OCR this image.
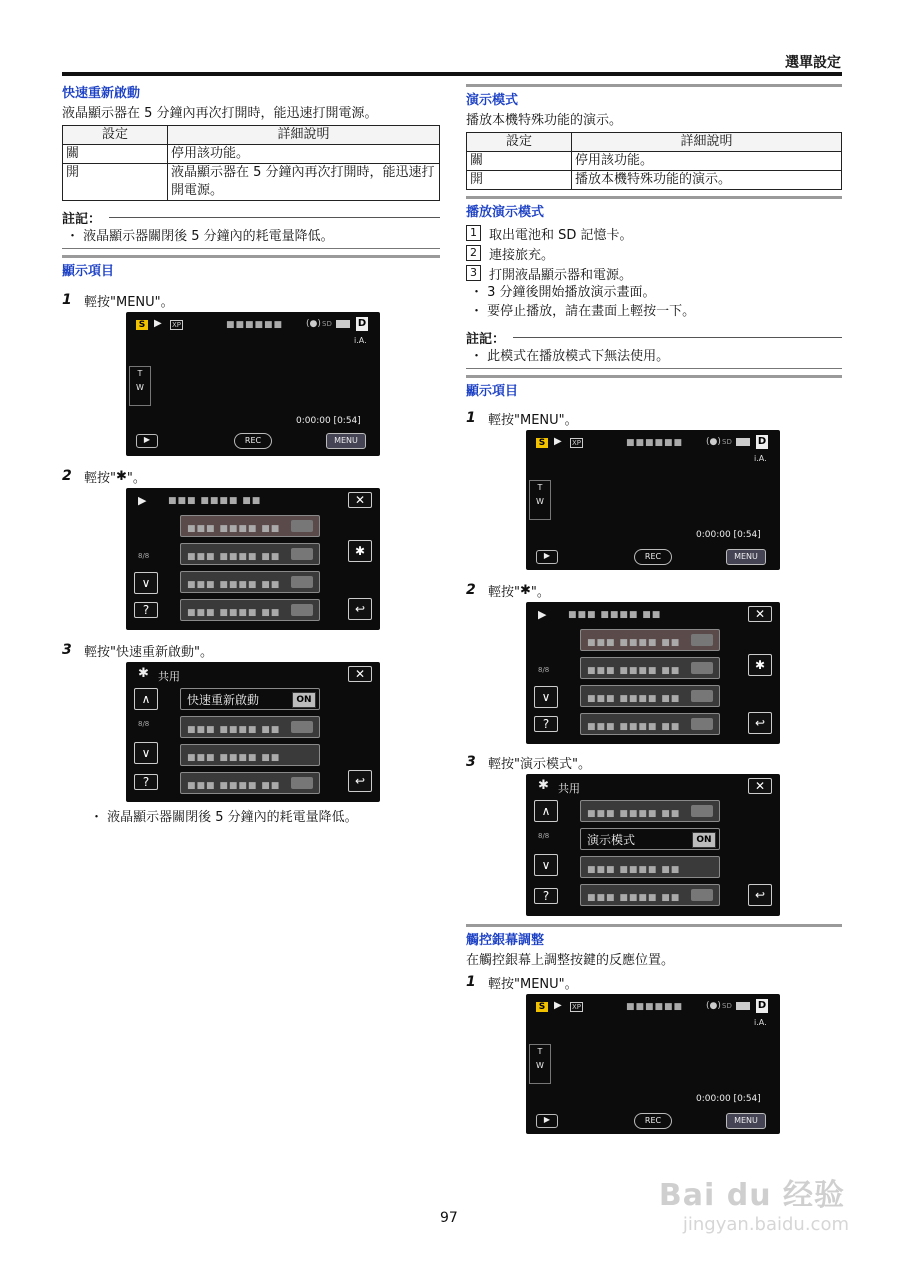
選單設定
快速重新啟動
液晶顯示器在 5 分鐘內再次打開時，能迅速打開電源。
設定	詳細說明
關	停用該功能。
開	液晶顯示器在 5 分鐘內再次打開時，能迅速打開電源。
註記：
・ 液晶顯示器關閉後 5 分鐘內的耗電量降低。
顯示項目
1 輕按"MENU"。
S ▶ XP	■■■■■■	(●) SD	D
i.A.
T
W
0:00:00 [0:54]
▶	REC	MENU
2 輕按" ✱ "。
▶ ■■■ ■■■■ ■■	✕
■■■ ■■■■ ■■
■■■ ■■■■ ■■
■■■ ■■■■ ■■
■■■ ■■■■ ■■
8/8
∨
?
✱
↩
3 輕按"快速重新啟動"。
✱ 共用	✕
快速重新啟動	ON
■■■ ■■■■ ■■
■■■ ■■■■ ■■
■■■ ■■■■ ■■
∧
8/8
∨
?	↩
・ 液晶顯示器關閉後 5 分鐘內的耗電量降低。
演示模式
播放本機特殊功能的演示。
設定	詳細說明
關	停用該功能。
開	播放本機特殊功能的演示。
播放演示模式
1 取出電池和 SD 記憶卡。
2 連接旅充。
3 打開液晶顯示器和電源。
・ 3 分鐘後開始播放演示畫面。
・ 要停止播放，請在畫面上輕按一下。
註記：
・ 此模式在播放模式下無法使用。
顯示項目
1 輕按"MENU"。
S ▶ XP	■■■■■■	(●) SD	D
i.A.
T
W
0:00:00 [0:54]
▶	REC	MENU
2 輕按" ✱ "。
▶ ■■■ ■■■■ ■■	✕
■■■ ■■■■ ■■
■■■ ■■■■ ■■
■■■ ■■■■ ■■
■■■ ■■■■ ■■
8/8
∨
?
✱
↩
3 輕按"演示模式"。
✱ 共用	✕
■■■ ■■■■ ■■
演示模式	ON
■■■ ■■■■ ■■
■■■ ■■■■ ■■
∧
8/8
∨
?	↩
觸控銀幕調整
在觸控銀幕上調整按鍵的反應位置。
1 輕按"MENU"。
S ▶ XP	■■■■■■	(●) SD	D
i.A.
T
W
0:00:00 [0:54]
▶	REC	MENU
97
Bai du 经验
jingyan.baidu.com
